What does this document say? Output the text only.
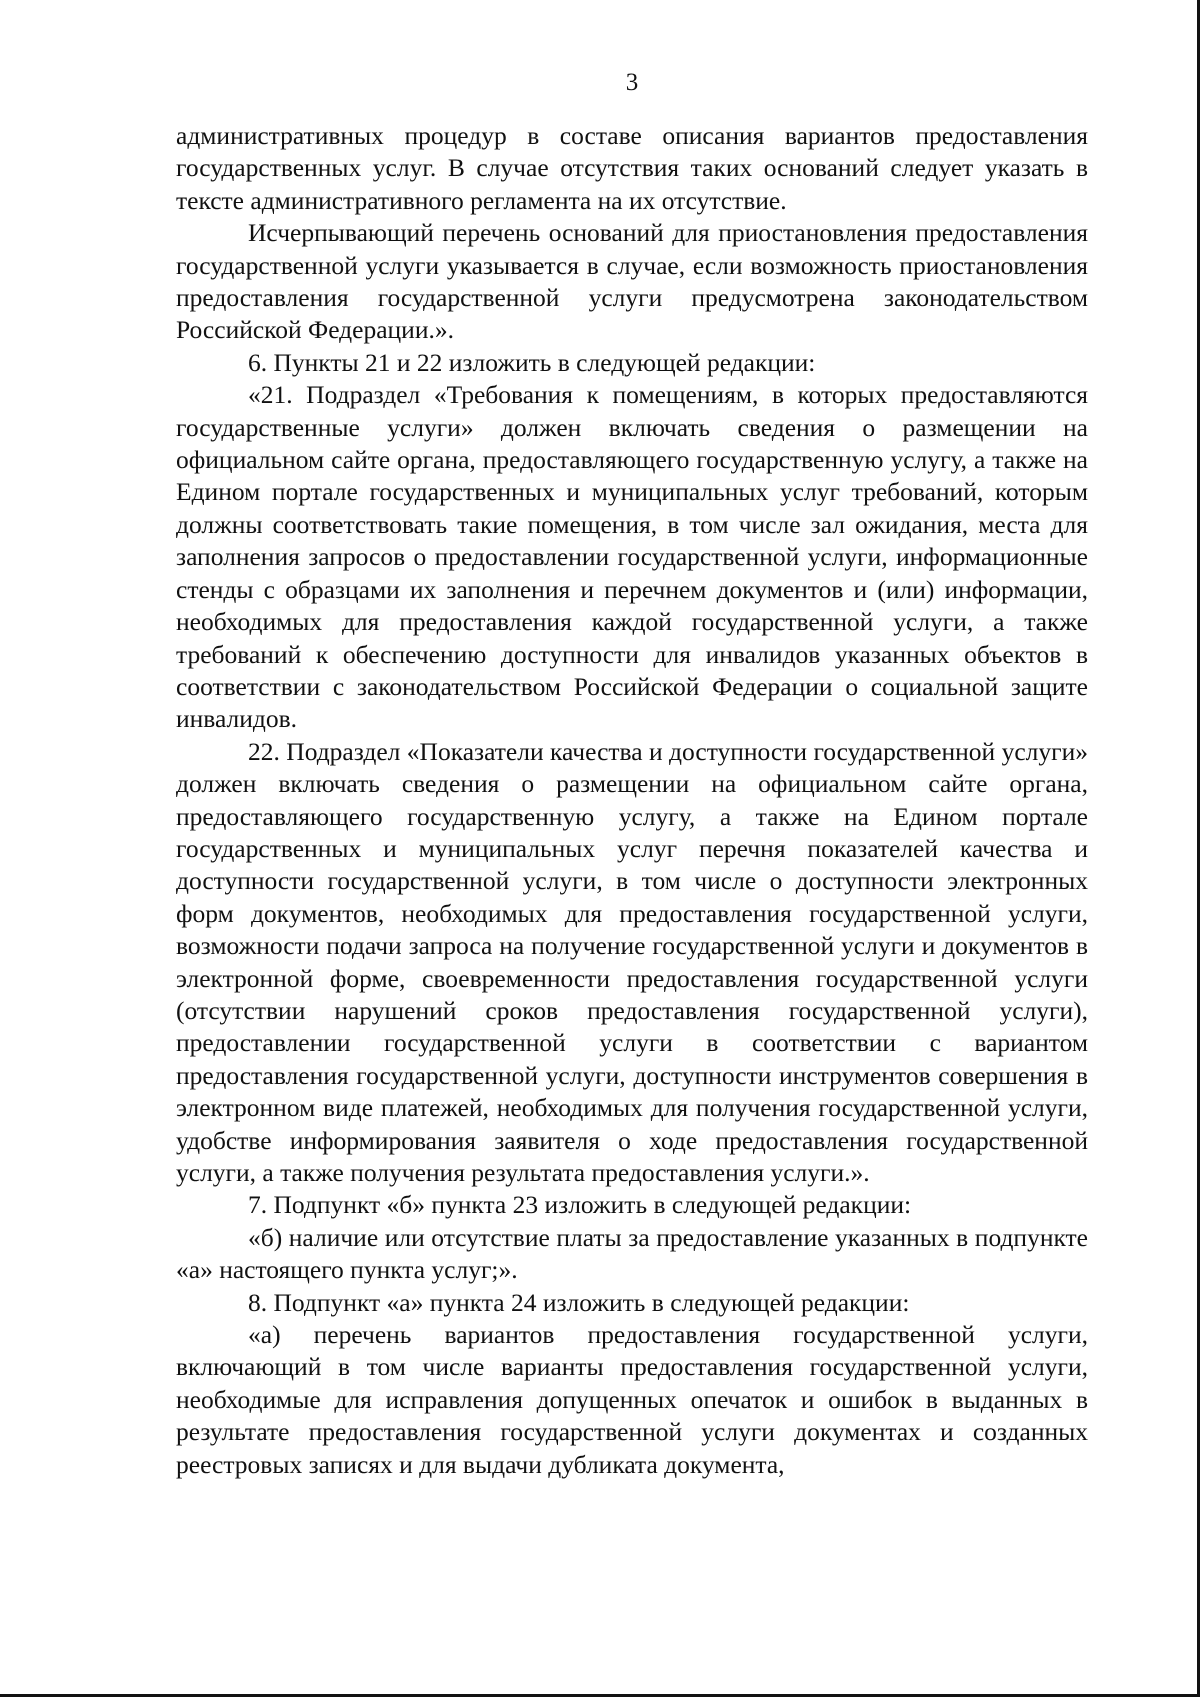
3

административных процедур в составе описания вариантов предоставления государственных услуг. В случае отсутствия таких оснований следует указать в тексте административного регламента на их отсутствие.

Исчерпывающий перечень оснований для приостановления предоставления государственной услуги указывается в случае, если возможность приостановления предоставления государственной услуги предусмотрена законодательством Российской Федерации.».

6. Пункты 21 и 22 изложить в следующей редакции:

«21. Подраздел «Требования к помещениям, в которых предоставляются государственные услуги» должен включать сведения о размещении на официальном сайте органа, предоставляющего государственную услугу, а также на Едином портале государственных и муниципальных услуг требований, которым должны соответствовать такие помещения, в том числе зал ожидания, места для заполнения запросов о предоставлении государственной услуги, информационные стенды с образцами их заполнения и перечнем документов и (или) информации, необходимых для предоставления каждой государственной услуги, а также требований к обеспечению доступности для инвалидов указанных объектов в соответствии с законодательством Российской Федерации о социальной защите инвалидов.

22. Подраздел «Показатели качества и доступности государственной услуги» должен включать сведения о размещении на официальном сайте органа, предоставляющего государственную услугу, а также на Едином портале государственных и муниципальных услуг перечня показателей качества и доступности государственной услуги, в том числе о доступности электронных форм документов, необходимых для предоставления государственной услуги, возможности подачи запроса на получение государственной услуги и документов в электронной форме, своевременности предоставления государственной услуги (отсутствии нарушений сроков предоставления государственной услуги), предоставлении государственной услуги в соответствии с вариантом предоставления государственной услуги, доступности инструментов совершения в электронном виде платежей, необходимых для получения государственной услуги, удобстве информирования заявителя о ходе предоставления государственной услуги, а также получения результата предоставления услуги.».

7. Подпункт «б» пункта 23 изложить в следующей редакции:

«б) наличие или отсутствие платы за предоставление указанных в подпункте «а» настоящего пункта услуг;».

8. Подпункт «а» пункта 24 изложить в следующей редакции:

«а) перечень вариантов предоставления государственной услуги, включающий в том числе варианты предоставления государственной услуги, необходимые для исправления допущенных опечаток и ошибок в выданных в результате предоставления государственной услуги документах и созданных реестровых записях и для выдачи дубликата документа,
